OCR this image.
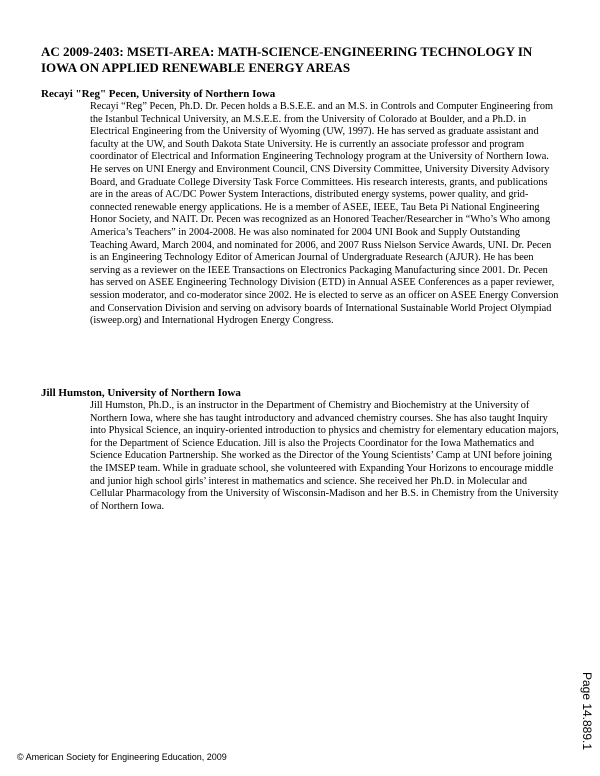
AC 2009-2403: MSETI-AREA: MATH-SCIENCE-ENGINEERING TECHNOLOGY IN IOWA ON APPLIED RENEWABLE ENERGY AREAS

Recayi "Reg" Pecen, University of Northern Iowa

Recayi “Reg” Pecen, Ph.D. Dr. Pecen holds a B.S.E.E. and an M.S. in Controls and Computer Engineering from the Istanbul Technical University, an M.S.E.E. from the University of Colorado at Boulder, and a Ph.D. in Electrical Engineering from the University of Wyoming (UW, 1997). He has served as graduate assistant and faculty at the UW, and South Dakota State University. He is currently an associate professor and program coordinator of Electrical and Information Engineering Technology program at the University of Northern Iowa. He serves on UNI Energy and Environment Council, CNS Diversity Committee, University Diversity Advisory Board, and Graduate College Diversity Task Force Committees. His research interests, grants, and publications are in the areas of AC/DC Power System Interactions, distributed energy systems, power quality, and grid-connected renewable energy applications. He is a member of ASEE, IEEE, Tau Beta Pi National Engineering Honor Society, and NAIT. Dr. Pecen was recognized as an Honored Teacher/Researcher in “Who’s Who among America’s Teachers” in 2004-2008. He was also nominated for 2004 UNI Book and Supply Outstanding Teaching Award, March 2004, and nominated for 2006, and 2007 Russ Nielson Service Awards, UNI. Dr. Pecen is an Engineering Technology Editor of American Journal of Undergraduate Research (AJUR). He has been serving as a reviewer on the IEEE Transactions on Electronics Packaging Manufacturing since 2001. Dr. Pecen has served on ASEE Engineering Technology Division (ETD) in Annual ASEE Conferences as a paper reviewer, session moderator, and co-moderator since 2002. He is elected to serve as an officer on ASEE Energy Conversion and Conservation Division and serving on advisory boards of International Sustainable World Project Olympiad (isweep.org) and International Hydrogen Energy Congress.

Jill Humston, University of Northern Iowa

Jill Humston, Ph.D., is an instructor in the Department of Chemistry and Biochemistry at the University of Northern Iowa, where she has taught introductory and advanced chemistry courses. She has also taught Inquiry into Physical Science, an inquiry-oriented introduction to physics and chemistry for elementary education majors, for the Department of Science Education. Jill is also the Projects Coordinator for the Iowa Mathematics and Science Education Partnership. She worked as the Director of the Young Scientists’ Camp at UNI before joining the IMSEP team. While in graduate school, she volunteered with Expanding Your Horizons to encourage middle and junior high school girls’ interest in mathematics and science. She received her Ph.D. in Molecular and Cellular Pharmacology from the University of Wisconsin-Madison and her B.S. in Chemistry from the University of Northern Iowa.

Page 14.889.1
© American Society for Engineering Education, 2009
